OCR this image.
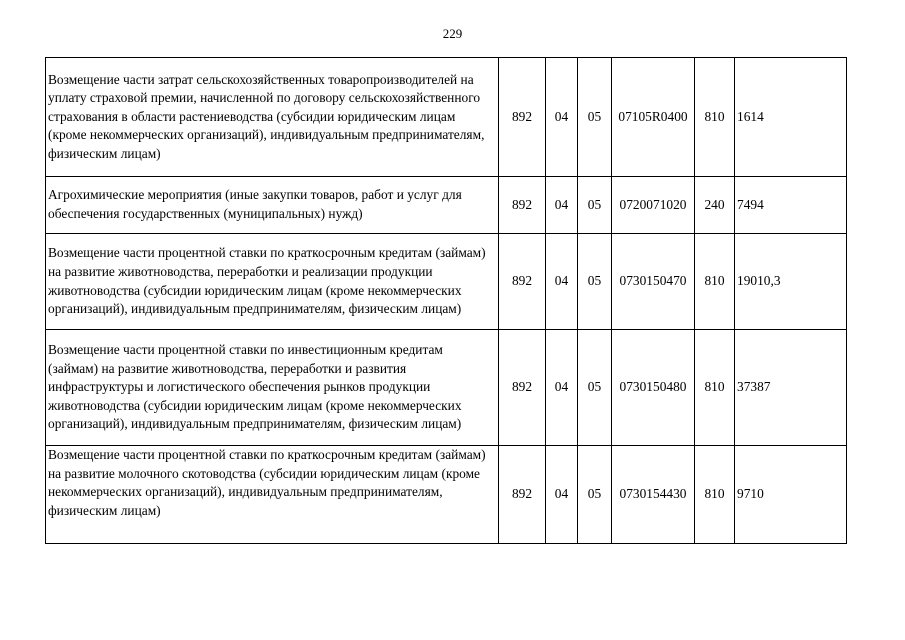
229
Возмещение части затрат сельскохозяйственных товаропроизводителей на уплату страховой премии, начисленной по договору сельскохозяйственного страхования в области растениеводства (субсидии юридическим лицам (кроме некоммерческих организаций), индивидуальным предпринимателям, физическим лицам)	892	04	05	07105R0400	810	1614
Агрохимические мероприятия (иные закупки товаров, работ и услуг для обеспечения государственных (муниципальных) нужд)	892	04	05	0720071020	240	7494
Возмещение части процентной ставки по краткосрочным кредитам (займам) на развитие животноводства, переработки и реализации продукции животноводства (субсидии юридическим лицам (кроме некоммерческих организаций), индивидуальным предпринимателям, физическим лицам)	892	04	05	0730150470	810	19010,3
Возмещение части процентной ставки по инвестиционным кредитам (займам) на развитие животноводства, переработки и развития инфраструктуры и логистического обеспечения рынков продукции животноводства (субсидии юридическим лицам (кроме некоммерческих организаций), индивидуальным предпринимателям, физическим лицам)	892	04	05	0730150480	810	37387
Возмещение части процентной ставки по краткосрочным кредитам (займам) на развитие молочного скотоводства (субсидии юридическим лицам (кроме некоммерческих организаций), индивидуальным предпринимателям, физическим лицам)	892	04	05	0730154430	810	9710
